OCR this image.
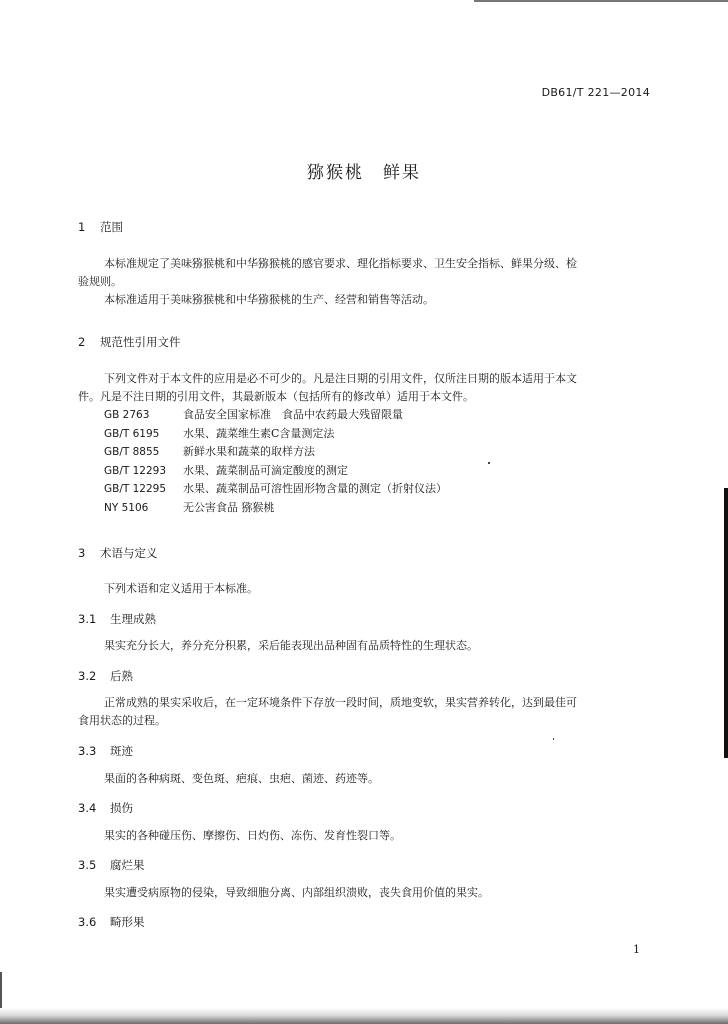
DB61/T 221—2014
猕猴桃　鲜果
1 范围
本标准规定了美味猕猴桃和中华猕猴桃的感官要求、理化指标要求、卫生安全指标、鲜果分级、检
验规则。
本标准适用于美味猕猴桃和中华猕猴桃的生产、经营和销售等活动。
2 规范性引用文件
下列文件对于本文件的应用是必不可少的。凡是注日期的引用文件，仅所注日期的版本适用于本文
件。凡是不注日期的引用文件，其最新版本（包括所有的修改单）适用于本文件。
GB 2763	食品安全国家标准　食品中农药最大残留限量
GB/T 6195 水果、蔬菜维生素C含量测定法
GB/T 8855 新鲜水果和蔬菜的取样方法
GB/T 12293 水果、蔬菜制品可滴定酸度的测定
GB/T 12295 水果、蔬菜制品可溶性固形物含量的测定（折射仪法）
NY 5106	无公害食品 猕猴桃
3 术语与定义
下列术语和定义适用于本标准。
3.1 生理成熟
果实充分长大，养分充分积累，采后能表现出品种固有品质特性的生理状态。
3.2 后熟
正常成熟的果实采收后，在一定环境条件下存放一段时间，质地变软，果实营养转化，达到最佳可
食用状态的过程。
3.3 斑迹
果面的各种病斑、变色斑、疤痕、虫疤、菌迹、药迹等。
3.4 损伤
果实的各种碰压伤、摩擦伤、日灼伤、冻伤、发育性裂口等。
3.5 腐烂果
果实遭受病原物的侵染，导致细胞分离、内部组织溃败，丧失食用价值的果实。
3.6 畸形果
1
